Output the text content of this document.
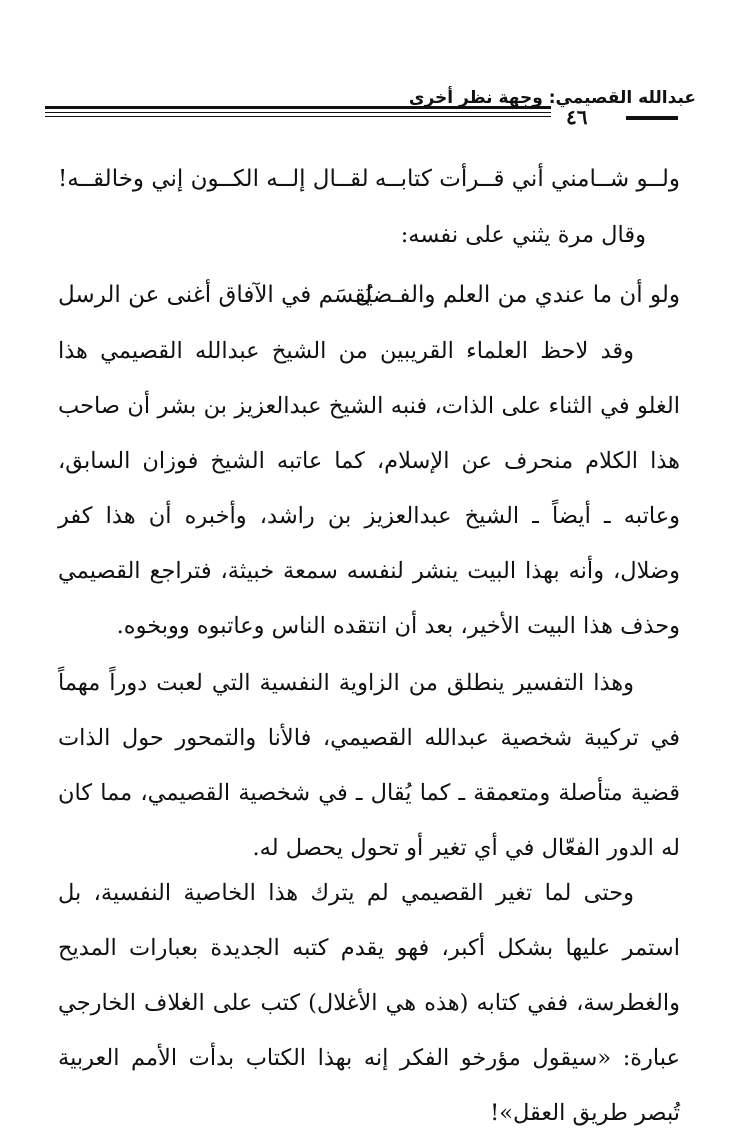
عبدالله القصيمي: وجهة نظر أخرى
٤٦
ولــو شــامني أني قــرأت كتابــه
لقــال إلــه الكــون إني وخالقــه!
وقال مرة يثني على نفسه:
ولو أن ما عندي من العلم والفـضل
يُقسَم في الآفاق أغنى عن الرسل

وقد لاحظ العلماء القريبين من الشيخ عبدالله القصيمي هذا الغلو في الثناء على الذات، فنبه الشيخ عبدالعزيز بن بشر أن صاحب هذا الكلام منحرف عن الإسلام، كما عاتبه الشيخ فوزان السابق، وعاتبه ـ أيضاً ـ الشيخ عبدالعزيز بن راشد، وأخبره أن هذا كفر وضلال، وأنه بهذا البيت ينشر لنفسه سمعة خبيثة، فتراجع القصيمي وحذف هذا البيت الأخير، بعد أن انتقده الناس وعاتبوه ووبخوه.

وهذا التفسير ينطلق من الزاوية النفسية التي لعبت دوراً مهماً في تركيبة شخصية عبدالله القصيمي، فالأنا والتمحور حول الذات قضية متأصلة ومتعمقة ـ كما يُقال ـ في شخصية القصيمي، مما كان له الدور الفعّال في أي تغير أو تحول يحصل له.

وحتى لما تغير القصيمي لم يترك هذا الخاصية النفسية، بل استمر عليها بشكل أكبر، فهو يقدم كتبه الجديدة بعبارات المديح والغطرسة، ففي كتابه (هذه هي الأغلال) كتب على الغلاف الخارجي عبارة: «سيقول مؤرخو الفكر إنه بهذا الكتاب بدأت الأمم العربية تُبصر طريق العقل»!
